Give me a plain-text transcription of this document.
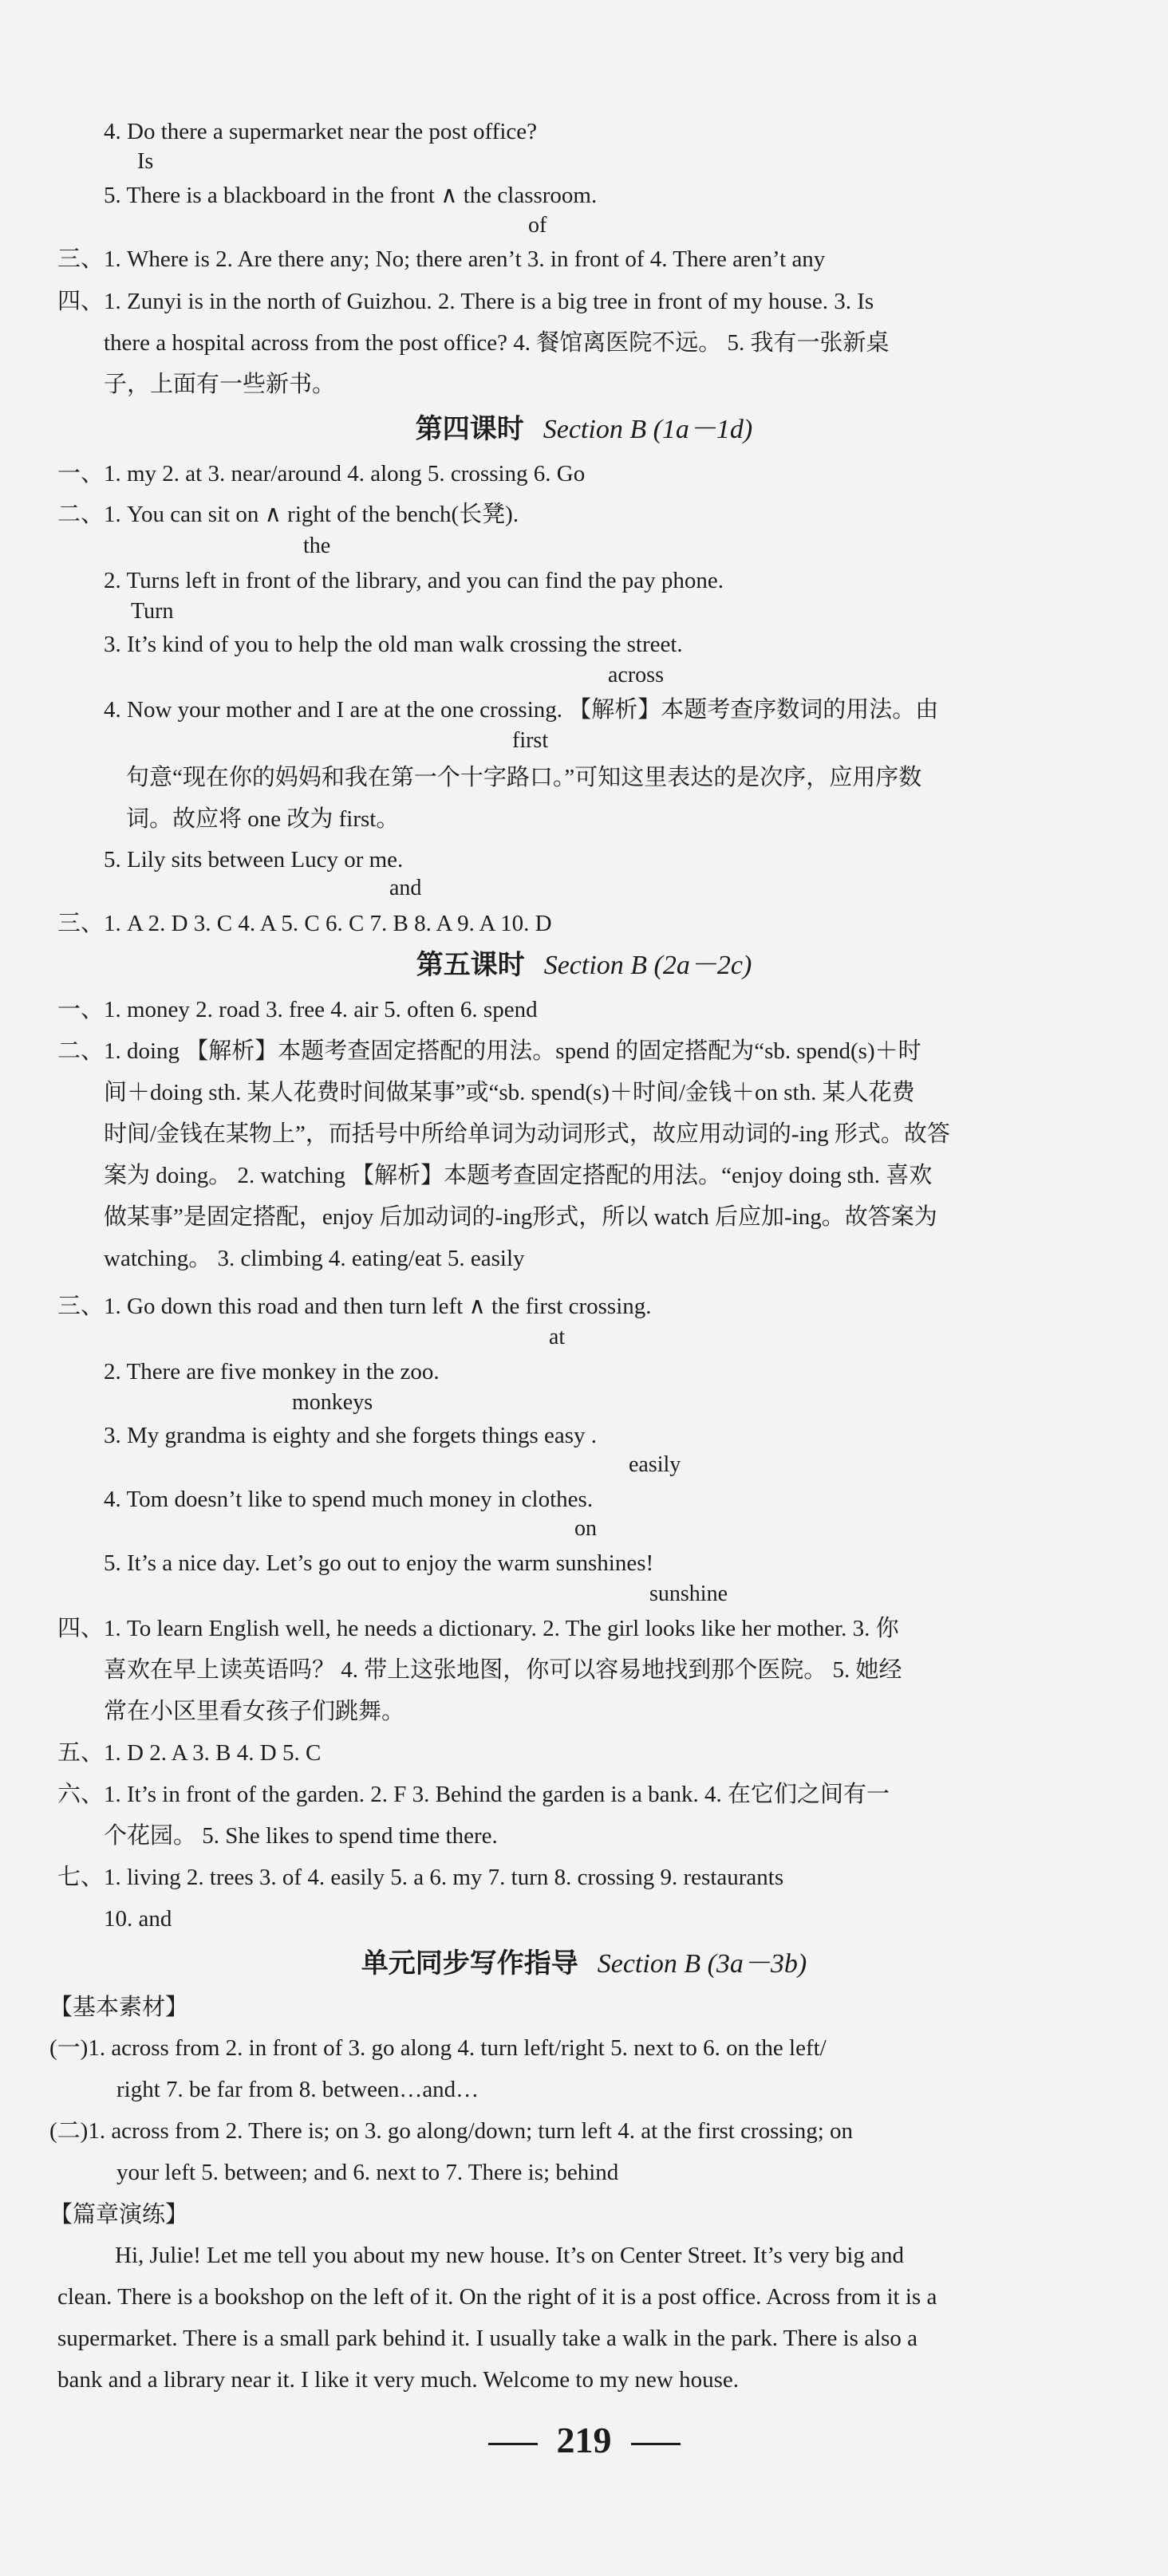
4. Do there a supermarket near the post office?
Is
5. There is a blackboard in the front ∧ the classroom.
of
三、1. Where is 2. Are there any; No; there aren’t 3. in front of 4. There aren’t any
四、1. Zunyi is in the north of Guizhou. 2. There is a big tree in front of my house. 3. Is
there a hospital across from the post office? 4. 餐馆离医院不远。 5. 我有一张新桌
子，上面有一些新书。
第四课时 Section B (1a－1d)
一、1. my 2. at 3. near/around 4. along 5. crossing 6. Go
二、1. You can sit on ∧ right of the bench(长凳).
the
2. Turns left in front of the library, and you can find the pay phone.
Turn
3. It’s kind of you to help the old man walk crossing the street.
across
4. Now your mother and I are at the one crossing. 【解析】本题考查序数词的用法。由
first
句意“现在你的妈妈和我在第一个十字路口。”可知这里表达的是次序，应用序数
词。故应将 one 改为 first。
5. Lily sits between Lucy or me.
and
三、1. A 2. D 3. C 4. A 5. C 6. C 7. B 8. A 9. A 10. D
第五课时 Section B (2a－2c)
一、1. money 2. road 3. free 4. air 5. often 6. spend
二、1. doing 【解析】本题考查固定搭配的用法。spend 的固定搭配为“sb. spend(s)＋时
间＋doing sth. 某人花费时间做某事”或“sb. spend(s)＋时间/金钱＋on sth. 某人花费
时间/金钱在某物上”，而括号中所给单词为动词形式，故应用动词的-ing 形式。故答
案为 doing。 2. watching 【解析】本题考查固定搭配的用法。“enjoy doing sth. 喜欢
做某事”是固定搭配，enjoy 后加动词的-ing形式，所以 watch 后应加-ing。故答案为
watching。 3. climbing 4. eating/eat 5. easily
三、1. Go down this road and then turn left ∧ the first crossing.
at
2. There are five monkey in the zoo.
monkeys
3. My grandma is eighty and she forgets things easy .
easily
4. Tom doesn’t like to spend much money in clothes.
on
5. It’s a nice day. Let’s go out to enjoy the warm sunshines!
sunshine
四、1. To learn English well, he needs a dictionary. 2. The girl looks like her mother. 3. 你
喜欢在早上读英语吗？ 4. 带上这张地图，你可以容易地找到那个医院。 5. 她经
常在小区里看女孩子们跳舞。
五、1. D 2. A 3. B 4. D 5. C
六、1. It’s in front of the garden. 2. F 3. Behind the garden is a bank. 4. 在它们之间有一
个花园。 5. She likes to spend time there.
七、1. living 2. trees 3. of 4. easily 5. a 6. my 7. turn 8. crossing 9. restaurants
10. and
单元同步写作指导 Section B (3a－3b)
【基本素材】
(一)1. across from 2. in front of 3. go along 4. turn left/right 5. next to 6. on the left/
right 7. be far from 8. between…and…
(二)1. across from 2. There is; on 3. go along/down; turn left 4. at the first crossing; on
your left 5. between; and 6. next to 7. There is; behind
【篇章演练】
Hi, Julie! Let me tell you about my new house. It’s on Center Street. It’s very big and
clean. There is a bookshop on the left of it. On the right of it is a post office. Across from it is a
supermarket. There is a small park behind it. I usually take a walk in the park. There is also a
bank and a library near it. I like it very much. Welcome to my new house.
219
